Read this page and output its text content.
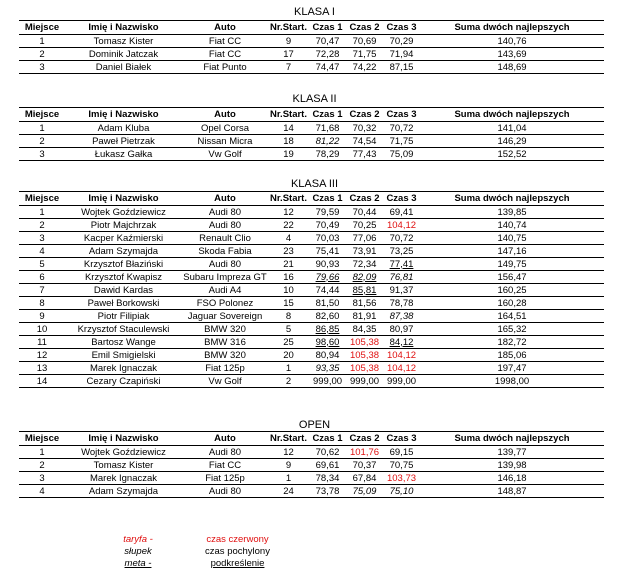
KLASA I
Miejsce	Imię i Nazwisko	Auto	Nr.Start.	Czas 1	Czas 2	Czas 3	Suma dwóch najlepszych
1	Tomasz Kister	Fiat CC	9	70,47	70,69	70,29	140,76
2	Dominik Jatczak	Fiat CC	17	72,28	71,75	71,94	143,69
3	Daniel Białek	Fiat Punto	7	74,47	74,22	87,15	148,69
KLASA II
Miejsce	Imię i Nazwisko	Auto	Nr.Start.	Czas 1	Czas 2	Czas 3	Suma dwóch najlepszych
1	Adam Kluba	Opel Corsa	14	71,68	70,32	70,72	141,04
2	Paweł Pietrzak	Nissan Micra	18	81,22	74,54	71,75	146,29
3	Łukasz Gałka	Vw Golf	19	78,29	77,43	75,09	152,52
KLASA III
Miejsce	Imię i Nazwisko	Auto	Nr.Start.	Czas 1	Czas 2	Czas 3	Suma dwóch najlepszych
1	Wojtek Goździewicz	Audi 80	12	79,59	70,44	69,41	139,85
2	Piotr Majchrzak	Audi 80	22	70,49	70,25	104,12	140,74
3	Kacper Kaźmierski	Renault Clio	4	70,03	77,06	70,72	140,75
4	Adam Szymajda	Skoda Fabia	23	75,41	73,91	73,25	147,16
5	Krzysztof Błaziński	Audi 80	21	90,93	72,34	77,41	149,75
6	Krzysztof Kwapisz	Subaru Impreza GT	16	79,66	82,09	76,81	156,47
7	Dawid Kardas	Audi A4	10	74,44	85,81	91,37	160,25
8	Paweł Borkowski	FSO Polonez	15	81,50	81,56	78,78	160,28
9	Piotr Filipiak	Jaguar Sovereign	8	82,60	81,91	87,38	164,51
10	Krzysztof Staculewski	BMW 320	5	86,85	84,35	80,97	165,32
11	Bartosz Wange	BMW 316	25	98,60	105,38	84,12	182,72
12	Emil Smigielski	BMW 320	20	80,94	105,38	104,12	185,06
13	Marek Ignaczak	Fiat 125p	1	93,35	105,38	104,12	197,47
14	Cezary Czapiński	Vw Golf	2	999,00	999,00	999,00	1998,00
OPEN
Miejsce	Imię i Nazwisko	Auto	Nr.Start.	Czas 1	Czas 2	Czas 3	Suma dwóch najlepszych
1	Wojtek Goździewicz	Audi 80	12	70,62	101,76	69,15	139,77
2	Tomasz Kister	Fiat CC	9	69,61	70,37	70,75	139,98
3	Marek Ignaczak	Fiat 125p	1	78,34	67,84	103,73	146,18
4	Adam Szymajda	Audi 80	24	73,78	75,09	75,10	148,87
taryfa -
słupek
meta -
czas czerwony
czas pochylony
podkreślenie
